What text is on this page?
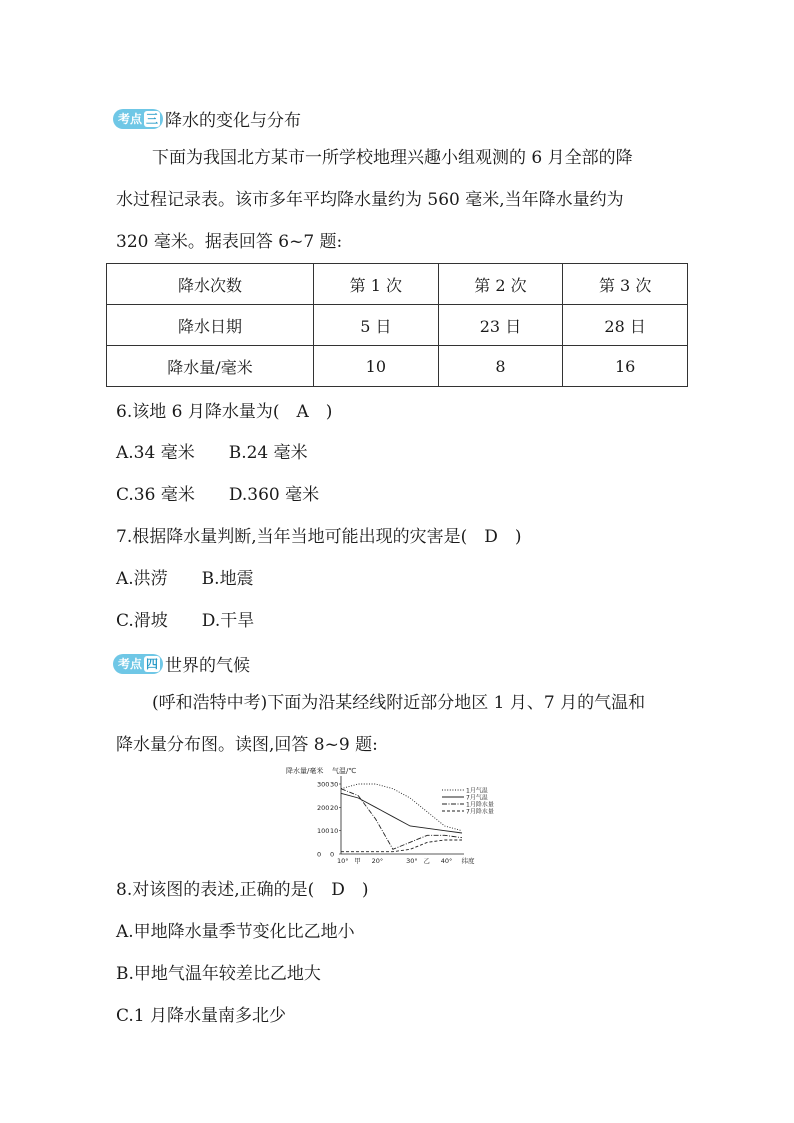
考点 三 降水的变化与分布
下面为我国北方某市一所学校地理兴趣小组观测的 6 月全部的降
水过程记录表。该市多年平均降水量约为 560 毫米,当年降水量约为
320 毫米。据表回答 6~7 题:
降水次数	第 1 次	第 2 次	第 3 次
降水日期	5 日	23 日	28 日
降水量/毫米	10	8	16
6.该地 6 月降水量为(　A　)
A.34 毫米　　B.24 毫米
C.36 毫米　　D.360 毫米
7.根据降水量判断,当年当地可能出现的灾害是(　D　)
A.洪涝　　B.地震
C.滑坡　　D.干旱
考点 四 世界的气候
(呼和浩特中考)下面为沿某经线附近部分地区 1 月、7 月的气温和
降水量分布图。读图,回答 8~9 题:
降水量/毫米 气温/℃
300 30
200 20
100 10
0 0
10° 甲 20°	30° 乙 40° 纬度
1月气温
7月气温
1月降水量
7月降水量
8.对该图的表述,正确的是(　D　)
A.甲地降水量季节变化比乙地小
B.甲地气温年较差比乙地大
C.1 月降水量南多北少
